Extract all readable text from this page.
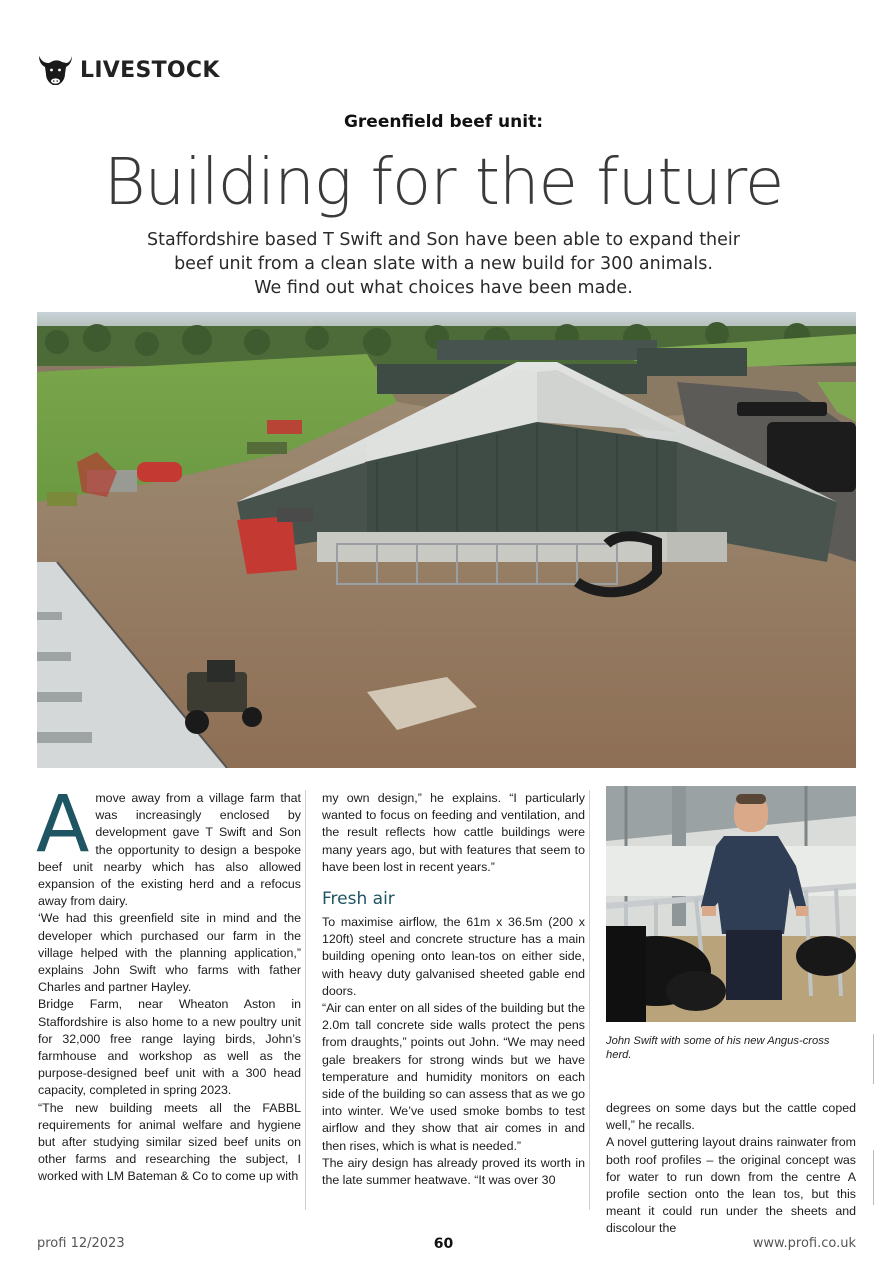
LIVESTOCK
Greenfield beef unit:
Building for the future
Staffordshire based T Swift and Son have been able to expand their
beef unit from a clean slate with a new build for 300 animals.
We find out what choices have been made.

Amove away from a village farm that was increasingly enclosed by development gave T Swift and Son the opportunity to design a bespoke beef unit nearby which has also allowed expansion of the existing herd and a refocus away from dairy.

‘We had this greenfield site in mind and the developer which purchased our farm in the village helped with the planning application,” explains John Swift who farms with father Charles and partner Hayley.

Bridge Farm, near Wheaton Aston in Staffordshire is also home to a new poultry unit for 32,000 free range laying birds, John’s farmhouse and workshop as well as the purpose-designed beef unit with a 300 head capacity, completed in spring 2023.

“The new building meets all the FABBL requirements for animal welfare and hygiene but after studying similar sized beef units on other farms and researching the subject, I worked with LM Bateman & Co to come up with

my own design,” he explains. “I particularly wanted to focus on feeding and ventilation, and the result reflects how cattle buildings were many years ago, but with features that seem to have been lost in recent years.”

Fresh air

To maximise airflow, the 61m x 36.5m (200 x 120ft) steel and concrete structure has a main building opening onto lean-tos on either side, with heavy duty galvanised sheeted gable end doors.

“Air can enter on all sides of the building but the 2.0m tall concrete side walls protect the pens from draughts,” points out John. “We may need gale breakers for strong winds but we have temperature and humidity monitors on each side of the building so can assess that as we go into winter. We’ve used smoke bombs to test airflow and they show that air comes in and then rises, which is what is needed.”

The airy design has already proved its worth in the late summer heatwave. “It was over 30

John Swift with some of his new Angus-cross herd.

degrees on some days but the cattle coped well,” he recalls.

A novel guttering layout drains rainwater from both roof profiles – the original concept was for water to run down from the centre A profile section onto the lean tos, but this meant it could run under the sheets and discolour the

profi 12/2023	60	www.profi.co.uk
